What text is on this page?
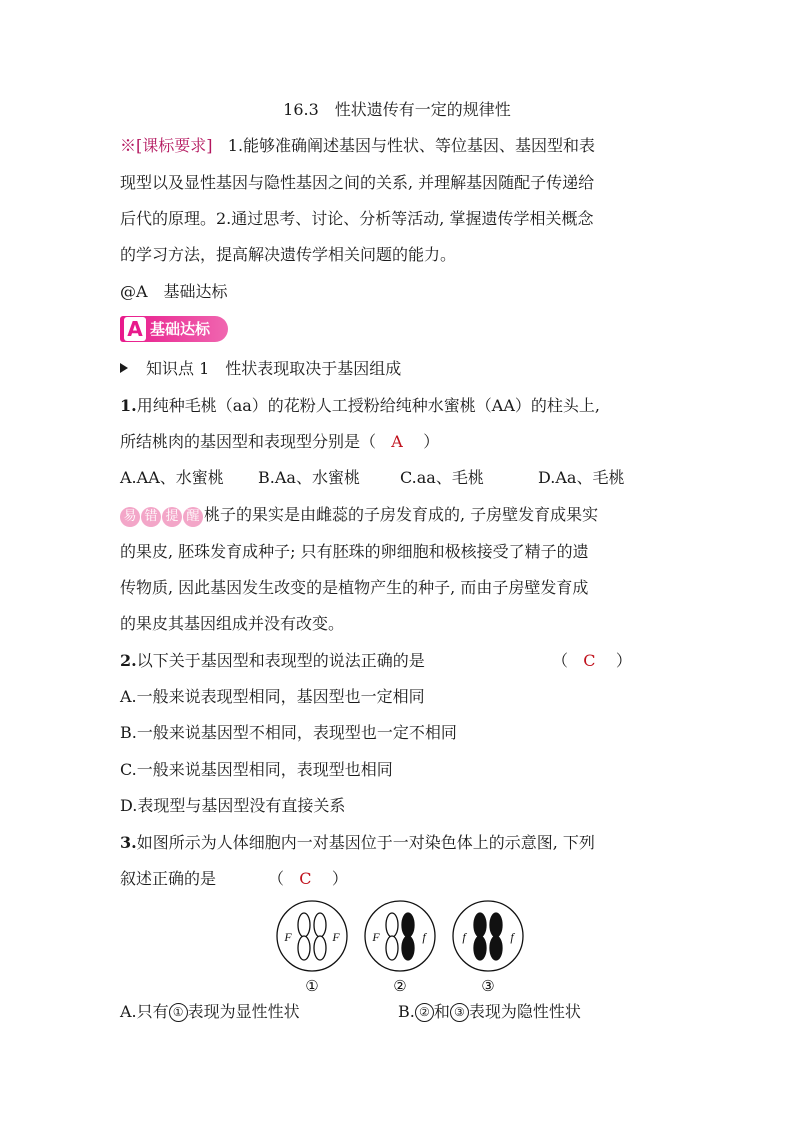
16.3　性状遗传有一定的规律性
※[课标要求] 1.能够准确阐述基因与性状、等位基因、基因型和表
现型以及显性基因与隐性基因之间的关系, 并理解基因随配子传递给
后代的原理。2.通过思考、讨论、分析等活动, 掌握遗传学相关概念
的学习方法，提高解决遗传学相关问题的能力。
@A　基础达标
A 基础达标
知识点 1　性状表现取决于基因组成
1.用纯种毛桃（aa）的花粉人工授粉给纯种水蜜桃（AA）的柱头上,
所结桃肉的基因型和表现型分别是（ A ）
A.AA、水蜜桃 B.Aa、水蜜桃	C.aa、毛桃	D.Aa、毛桃
易 错 提 醒 桃子的果实是由雌蕊的子房发育成的, 子房壁发育成果实
的果皮, 胚珠发育成种子; 只有胚珠的卵细胞和极核接受了精子的遗
传物质, 因此基因发生改变的是植物产生的种子, 而由子房壁发育成
的果皮其基因组成并没有改变。
2.以下关于基因型和表现型的说法正确的是	（ C ）
A.一般来说表现型相同，基因型也一定相同
B.一般来说基因型不相同，表现型也一定不相同
C.一般来说基因型相同，表现型也相同
D.表现型与基因型没有直接关系
3.如图所示为人体细胞内一对基因位于一对染色体上的示意图, 下列
叙述正确的是	（ C ）
F	F
①
F	f
②
f	f
③
A.只有 ① 表现为显性性状	B. ② 和 ③ 表现为隐性性状
